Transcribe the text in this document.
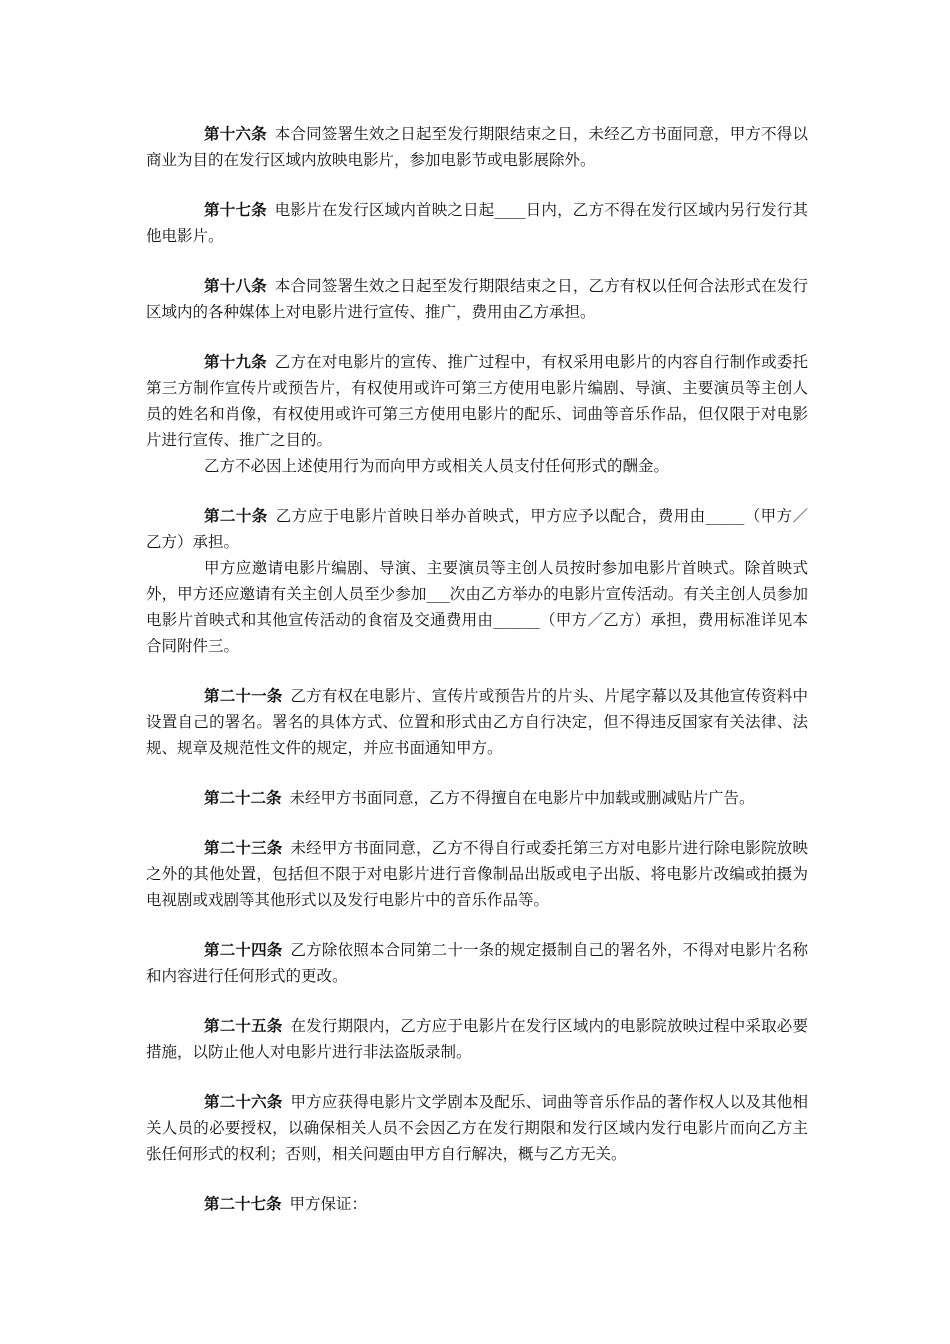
第十六条 本合同签署生效之日起至发行期限结束之日，未经乙方书面同意，甲方不得以商业为目的在发行区域内放映电影片，参加电影节或电影展除外。

第十七条 电影片在发行区域内首映之日起____日内，乙方不得在发行区域内另行发行其他电影片。

第十八条 本合同签署生效之日起至发行期限结束之日，乙方有权以任何合法形式在发行区域内的各种媒体上对电影片进行宣传、推广，费用由乙方承担。

第十九条 乙方在对电影片的宣传、推广过程中，有权采用电影片的内容自行制作或委托第三方制作宣传片或预告片，有权使用或许可第三方使用电影片编剧、导演、主要演员等主创人员的姓名和肖像，有权使用或许可第三方使用电影片的配乐、词曲等音乐作品，但仅限于对电影片进行宣传、推广之目的。

乙方不必因上述使用行为而向甲方或相关人员支付任何形式的酬金。

第二十条 乙方应于电影片首映日举办首映式，甲方应予以配合，费用由_____（甲方／乙方）承担。

甲方应邀请电影片编剧、导演、主要演员等主创人员按时参加电影片首映式。除首映式外，甲方还应邀请有关主创人员至少参加___次由乙方举办的电影片宣传活动。有关主创人员参加电影片首映式和其他宣传活动的食宿及交通费用由______（甲方／乙方）承担，费用标准详见本合同附件三。

第二十一条 乙方有权在电影片、宣传片或预告片的片头、片尾字幕以及其他宣传资料中设置自己的署名。署名的具体方式、位置和形式由乙方自行决定，但不得违反国家有关法律、法规、规章及规范性文件的规定，并应书面通知甲方。

第二十二条 未经甲方书面同意，乙方不得擅自在电影片中加载或删减贴片广告。

第二十三条 未经甲方书面同意，乙方不得自行或委托第三方对电影片进行除电影院放映之外的其他处置，包括但不限于对电影片进行音像制品出版或电子出版、将电影片改编或拍摄为电视剧或戏剧等其他形式以及发行电影片中的音乐作品等。

第二十四条 乙方除依照本合同第二十一条的规定摄制自己的署名外，不得对电影片名称和内容进行任何形式的更改。

第二十五条 在发行期限内，乙方应于电影片在发行区域内的电影院放映过程中采取必要措施，以防止他人对电影片进行非法盗版录制。

第二十六条 甲方应获得电影片文学剧本及配乐、词曲等音乐作品的著作权人以及其他相关人员的必要授权，以确保相关人员不会因乙方在发行期限和发行区域内发行电影片而向乙方主张任何形式的权利；否则，相关问题由甲方自行解决，概与乙方无关。

第二十七条 甲方保证：
